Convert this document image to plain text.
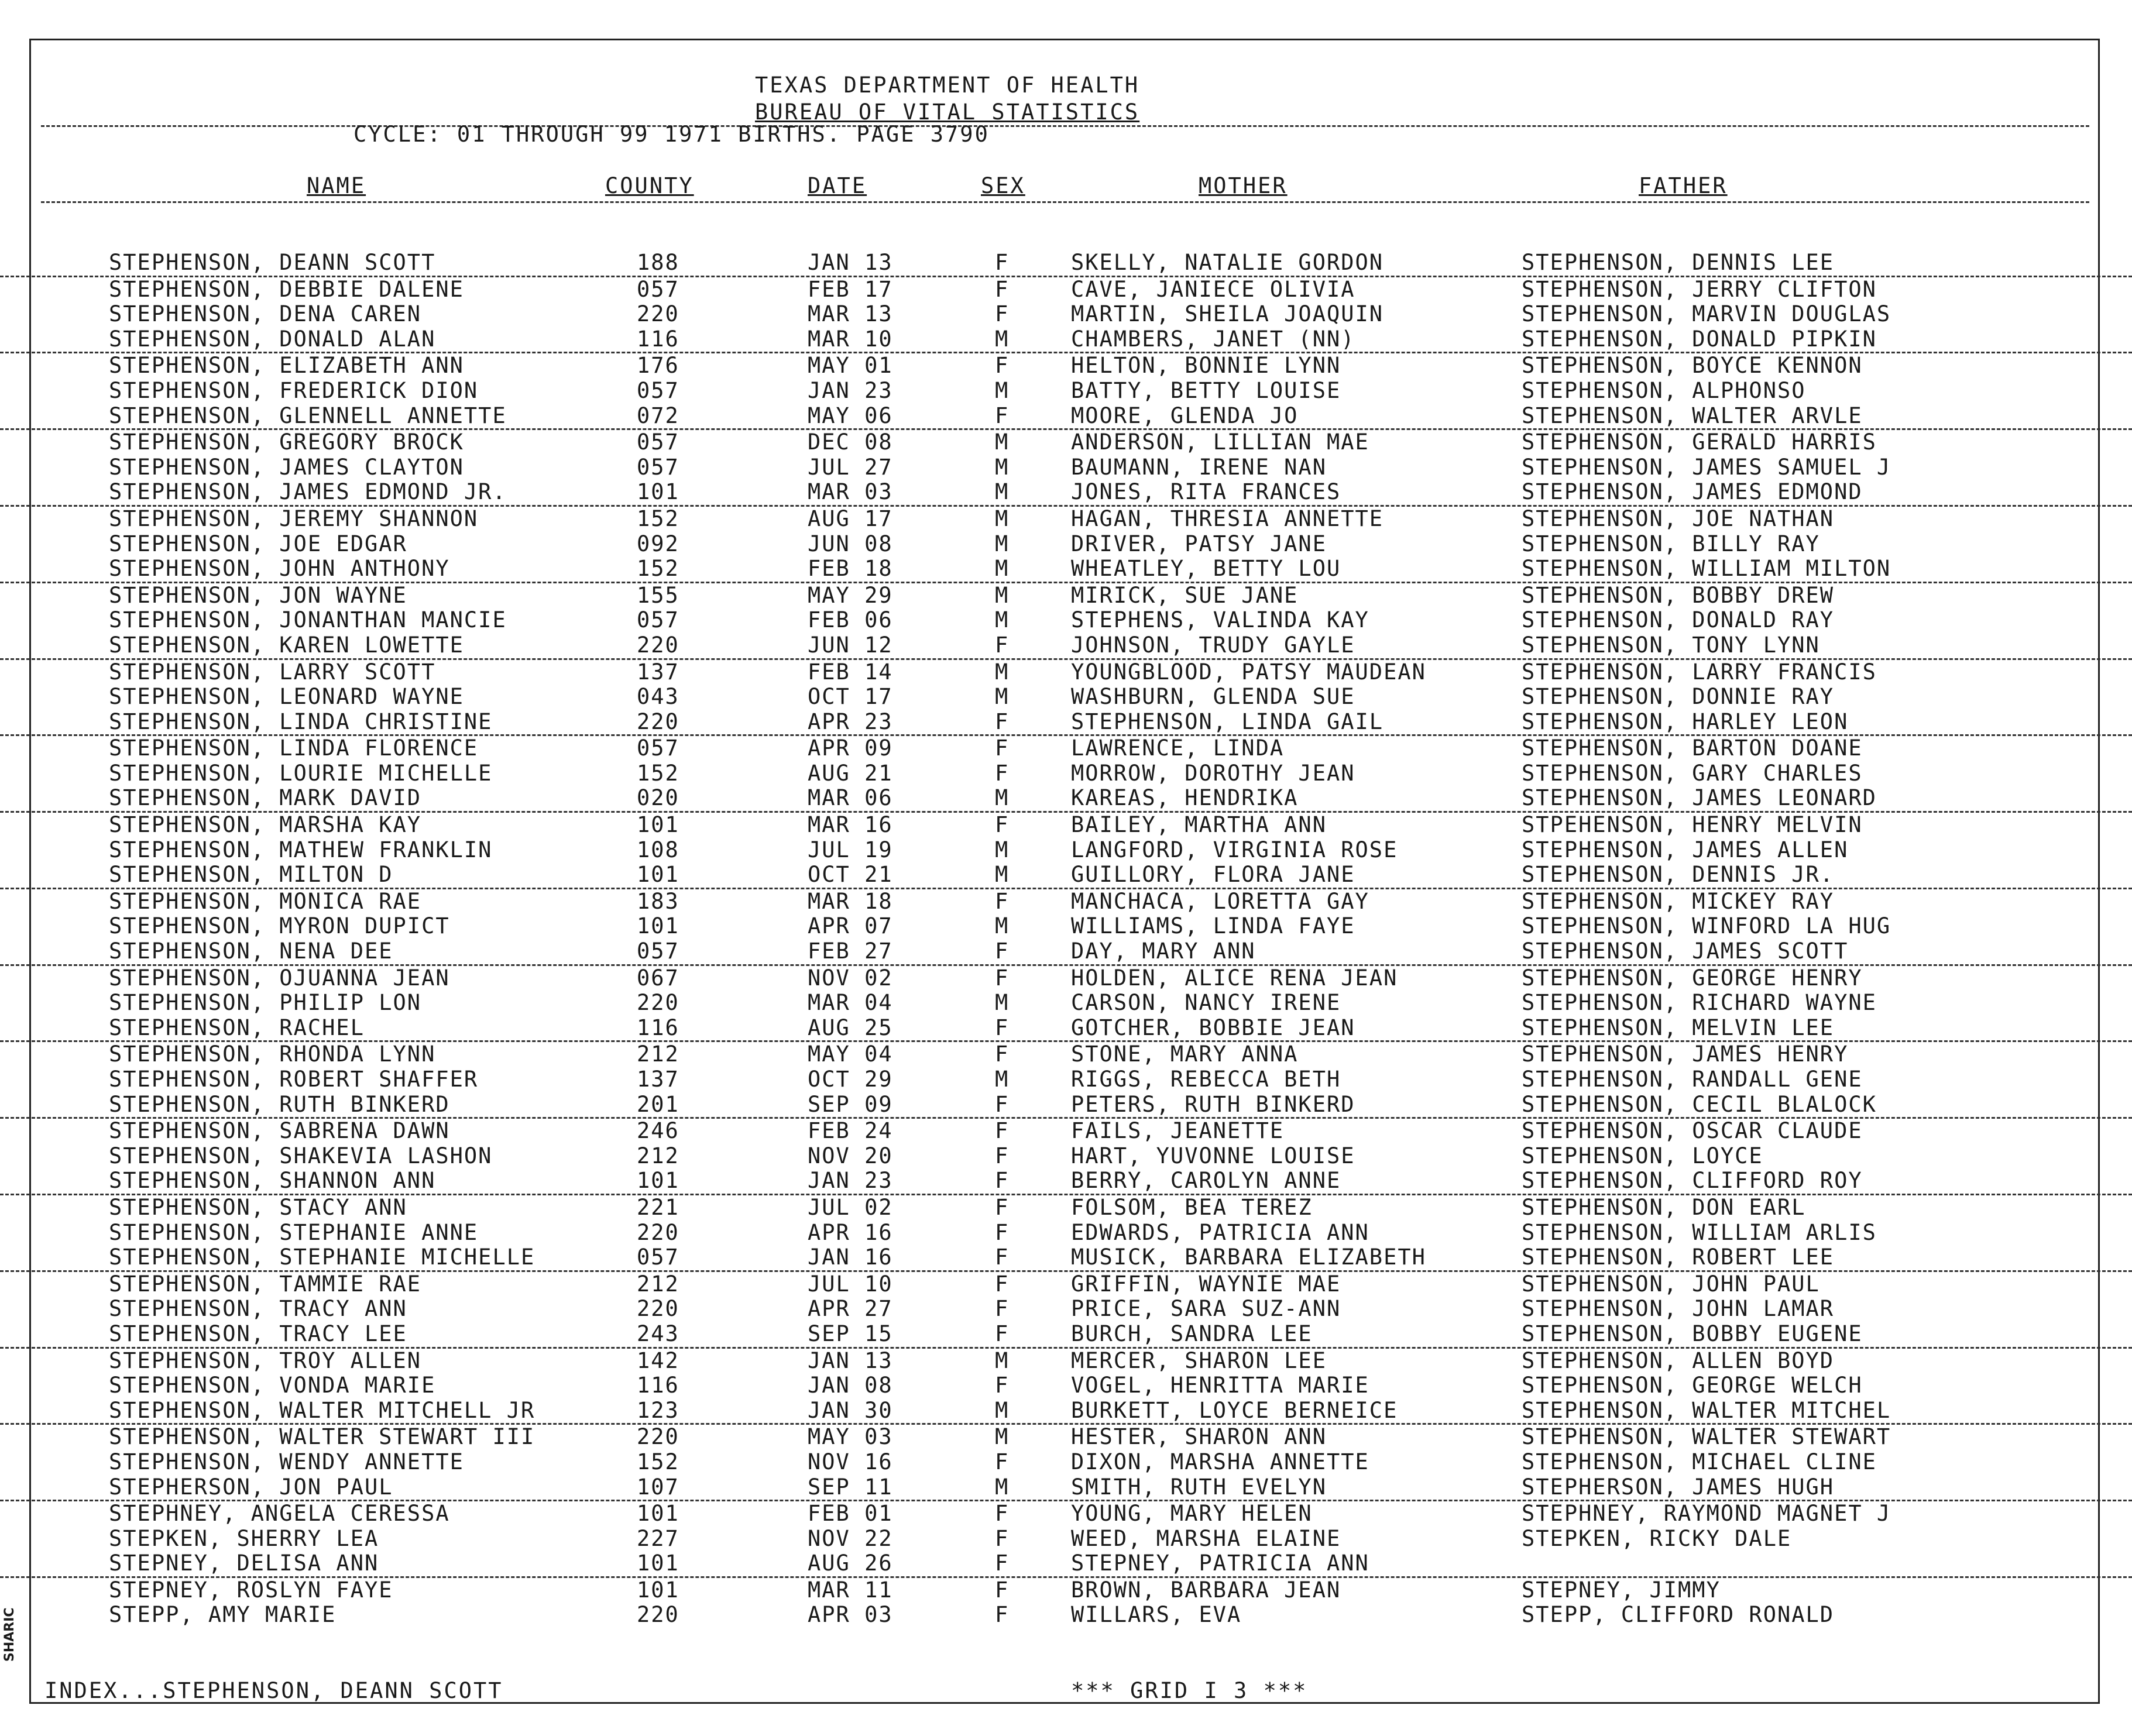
TEXAS DEPARTMENT OF HEALTH
BUREAU OF VITAL STATISTICS
CYCLE: 01 THROUGH 99 1971 BIRTHS. PAGE 3790
NAME	COUNTY	DATE	SEX	MOTHER	FATHER
STEPHENSON, DEANN SCOTT	188	JAN 13	F	SKELLY, NATALIE GORDON	STEPHENSON, DENNIS LEE
STEPHENSON, DEBBIE DALENE	057	FEB 17	F	CAVE, JANIECE OLIVIA	STEPHENSON, JERRY CLIFTON
STEPHENSON, DENA CAREN	220	MAR 13	F	MARTIN, SHEILA JOAQUIN	STEPHENSON, MARVIN DOUGLAS
STEPHENSON, DONALD ALAN	116	MAR 10	M	CHAMBERS, JANET (NN)	STEPHENSON, DONALD PIPKIN
STEPHENSON, ELIZABETH ANN	176	MAY 01	F	HELTON, BONNIE LYNN	STEPHENSON, BOYCE KENNON
STEPHENSON, FREDERICK DION	057	JAN 23	M	BATTY, BETTY LOUISE	STEPHENSON, ALPHONSO
STEPHENSON, GLENNELL ANNETTE	072	MAY 06	F	MOORE, GLENDA JO	STEPHENSON, WALTER ARVLE
STEPHENSON, GREGORY BROCK	057	DEC 08	M	ANDERSON, LILLIAN MAE	STEPHENSON, GERALD HARRIS
STEPHENSON, JAMES CLAYTON	057	JUL 27	M	BAUMANN, IRENE NAN	STEPHENSON, JAMES SAMUEL J
STEPHENSON, JAMES EDMOND JR.	101	MAR 03	M	JONES, RITA FRANCES	STEPHENSON, JAMES EDMOND
STEPHENSON, JEREMY SHANNON	152	AUG 17	M	HAGAN, THRESIA ANNETTE	STEPHENSON, JOE NATHAN
STEPHENSON, JOE EDGAR	092	JUN 08	M	DRIVER, PATSY JANE	STEPHENSON, BILLY RAY
STEPHENSON, JOHN ANTHONY	152	FEB 18	M	WHEATLEY, BETTY LOU	STEPHENSON, WILLIAM MILTON
STEPHENSON, JON WAYNE	155	MAY 29	M	MIRICK, SUE JANE	STEPHENSON, BOBBY DREW
STEPHENSON, JONANTHAN MANCIE	057	FEB 06	M	STEPHENS, VALINDA KAY	STEPHENSON, DONALD RAY
STEPHENSON, KAREN LOWETTE	220	JUN 12	F	JOHNSON, TRUDY GAYLE	STEPHENSON, TONY LYNN
STEPHENSON, LARRY SCOTT	137	FEB 14	M	YOUNGBLOOD, PATSY MAUDEAN	STEPHENSON, LARRY FRANCIS
STEPHENSON, LEONARD WAYNE	043	OCT 17	M	WASHBURN, GLENDA SUE	STEPHENSON, DONNIE RAY
STEPHENSON, LINDA CHRISTINE	220	APR 23	F	STEPHENSON, LINDA GAIL	STEPHENSON, HARLEY LEON
STEPHENSON, LINDA FLORENCE	057	APR 09	F	LAWRENCE, LINDA	STEPHENSON, BARTON DOANE
STEPHENSON, LOURIE MICHELLE	152	AUG 21	F	MORROW, DOROTHY JEAN	STEPHENSON, GARY CHARLES
STEPHENSON, MARK DAVID	020	MAR 06	M	KAREAS, HENDRIKA	STEPHENSON, JAMES LEONARD
STEPHENSON, MARSHA KAY	101	MAR 16	F	BAILEY, MARTHA ANN	STPEHENSON, HENRY MELVIN
STEPHENSON, MATHEW FRANKLIN	108	JUL 19	M	LANGFORD, VIRGINIA ROSE	STEPHENSON, JAMES ALLEN
STEPHENSON, MILTON D	101	OCT 21	M	GUILLORY, FLORA JANE	STEPHENSON, DENNIS JR.
STEPHENSON, MONICA RAE	183	MAR 18	F	MANCHACA, LORETTA GAY	STEPHENSON, MICKEY RAY
STEPHENSON, MYRON DUPICT	101	APR 07	M	WILLIAMS, LINDA FAYE	STEPHENSON, WINFORD LA HUG
STEPHENSON, NENA DEE	057	FEB 27	F	DAY, MARY ANN	STEPHENSON, JAMES SCOTT
STEPHENSON, OJUANNA JEAN	067	NOV 02	F	HOLDEN, ALICE RENA JEAN	STEPHENSON, GEORGE HENRY
STEPHENSON, PHILIP LON	220	MAR 04	M	CARSON, NANCY IRENE	STEPHENSON, RICHARD WAYNE
STEPHENSON, RACHEL	116	AUG 25	F	GOTCHER, BOBBIE JEAN	STEPHENSON, MELVIN LEE
STEPHENSON, RHONDA LYNN	212	MAY 04	F	STONE, MARY ANNA	STEPHENSON, JAMES HENRY
STEPHENSON, ROBERT SHAFFER	137	OCT 29	M	RIGGS, REBECCA BETH	STEPHENSON, RANDALL GENE
STEPHENSON, RUTH BINKERD	201	SEP 09	F	PETERS, RUTH BINKERD	STEPHENSON, CECIL BLALOCK
STEPHENSON, SABRENA DAWN	246	FEB 24	F	FAILS, JEANETTE	STEPHENSON, OSCAR CLAUDE
STEPHENSON, SHAKEVIA LASHON	212	NOV 20	F	HART, YUVONNE LOUISE	STEPHENSON, LOYCE
STEPHENSON, SHANNON ANN	101	JAN 23	F	BERRY, CAROLYN ANNE	STEPHENSON, CLIFFORD ROY
STEPHENSON, STACY ANN	221	JUL 02	F	FOLSOM, BEA TEREZ	STEPHENSON, DON EARL
STEPHENSON, STEPHANIE ANNE	220	APR 16	F	EDWARDS, PATRICIA ANN	STEPHENSON, WILLIAM ARLIS
STEPHENSON, STEPHANIE MICHELLE	057	JAN 16	F	MUSICK, BARBARA ELIZABETH	STEPHENSON, ROBERT LEE
STEPHENSON, TAMMIE RAE	212	JUL 10	F	GRIFFIN, WAYNIE MAE	STEPHENSON, JOHN PAUL
STEPHENSON, TRACY ANN	220	APR 27	F	PRICE, SARA SUZ-ANN	STEPHENSON, JOHN LAMAR
STEPHENSON, TRACY LEE	243	SEP 15	F	BURCH, SANDRA LEE	STEPHENSON, BOBBY EUGENE
STEPHENSON, TROY ALLEN	142	JAN 13	M	MERCER, SHARON LEE	STEPHENSON, ALLEN BOYD
STEPHENSON, VONDA MARIE	116	JAN 08	F	VOGEL, HENRITTA MARIE	STEPHENSON, GEORGE WELCH
STEPHENSON, WALTER MITCHELL JR	123	JAN 30	M	BURKETT, LOYCE BERNEICE	STEPHENSON, WALTER MITCHEL
STEPHENSON, WALTER STEWART III	220	MAY 03	M	HESTER, SHARON ANN	STEPHENSON, WALTER STEWART
STEPHENSON, WENDY ANNETTE	152	NOV 16	F	DIXON, MARSHA ANNETTE	STEPHENSON, MICHAEL CLINE
STEPHERSON, JON PAUL	107	SEP 11	M	SMITH, RUTH EVELYN	STEPHERSON, JAMES HUGH
STEPHNEY, ANGELA CERESSA	101	FEB 01	F	YOUNG, MARY HELEN	STEPHNEY, RAYMOND MAGNET J
STEPKEN, SHERRY LEA	227	NOV 22	F	WEED, MARSHA ELAINE	STEPKEN, RICKY DALE
STEPNEY, DELISA ANN	101	AUG 26	F	STEPNEY, PATRICIA ANN
STEPNEY, ROSLYN FAYE	101	MAR 11	F	BROWN, BARBARA JEAN	STEPNEY, JIMMY
STEPP, AMY MARIE	220	APR 03	F	WILLARS, EVA	STEPP, CLIFFORD RONALD
INDEX...STEPHENSON, DEANN SCOTT	*** GRID I 3 ***
SHARIC
